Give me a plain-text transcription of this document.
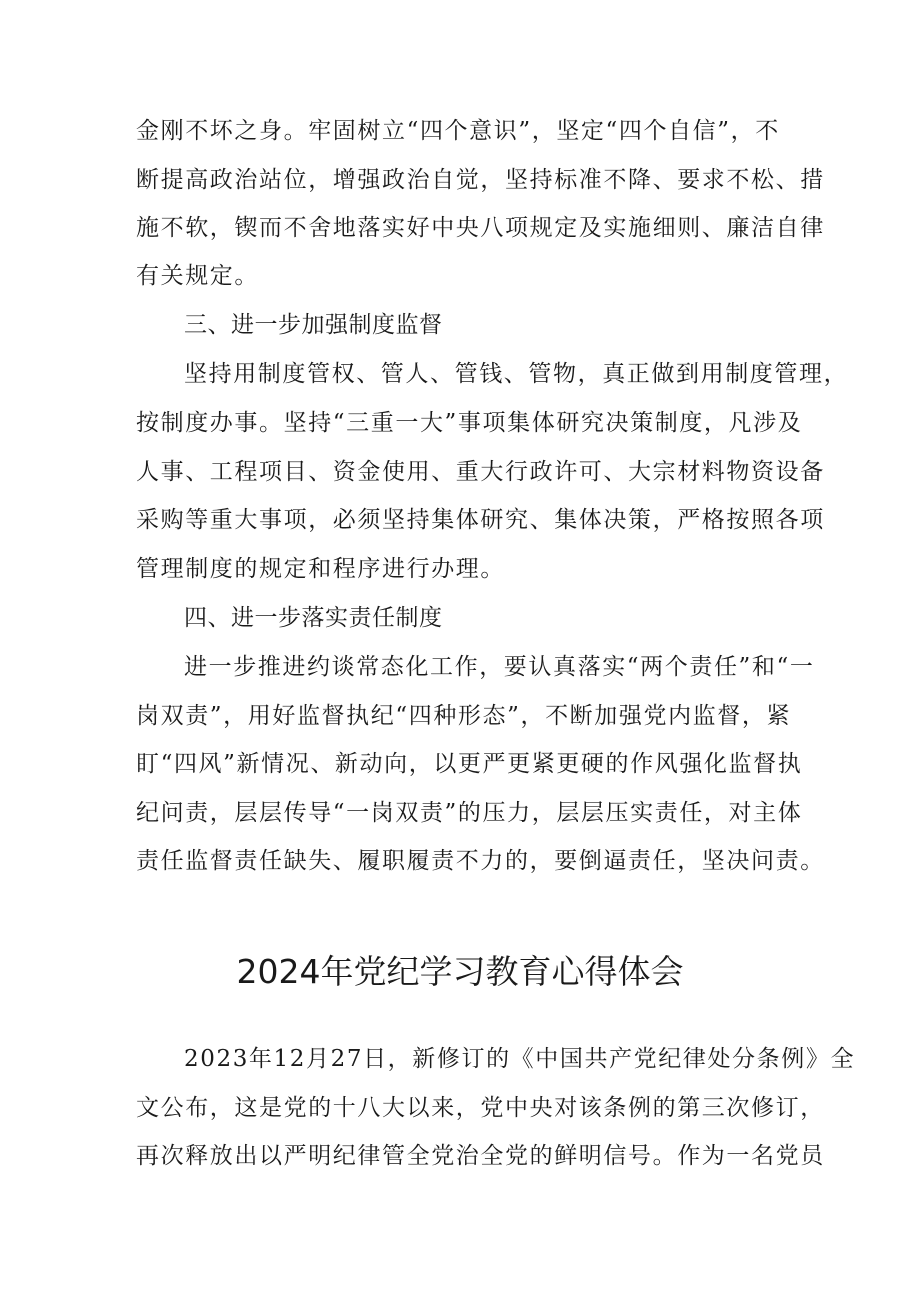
金刚不坏之身。牢固树立“四个意识”，坚定“四个自信”，不
断提高政治站位，增强政治自觉，坚持标准不降、要求不松、措
施不软，锲而不舍地落实好中央八项规定及实施细则、廉洁自律
有关规定。
三、进一步加强制度监督
坚持用制度管权、管人、管钱、管物，真正做到用制度管理，
按制度办事。坚持“三重一大”事项集体研究决策制度，凡涉及
人事、工程项目、资金使用、重大行政许可、大宗材料物资设备
采购等重大事项，必须坚持集体研究、集体决策，严格按照各项
管理制度的规定和程序进行办理。
四、进一步落实责任制度
进一步推进约谈常态化工作，要认真落实“两个责任”和“一
岗双责”，用好监督执纪“四种形态”，不断加强党内监督，紧
盯“四风”新情况、新动向，以更严更紧更硬的作风强化监督执
纪问责，层层传导“一岗双责”的压力，层层压实责任，对主体
责任监督责任缺失、履职履责不力的，要倒逼责任，坚决问责。
2024年党纪学习教育心得体会
2023年12月27日，新修订的《中国共产党纪律处分条例》全
文公布，这是党的十八大以来，党中央对该条例的第三次修订，
再次释放出以严明纪律管全党治全党的鲜明信号。作为一名党员
